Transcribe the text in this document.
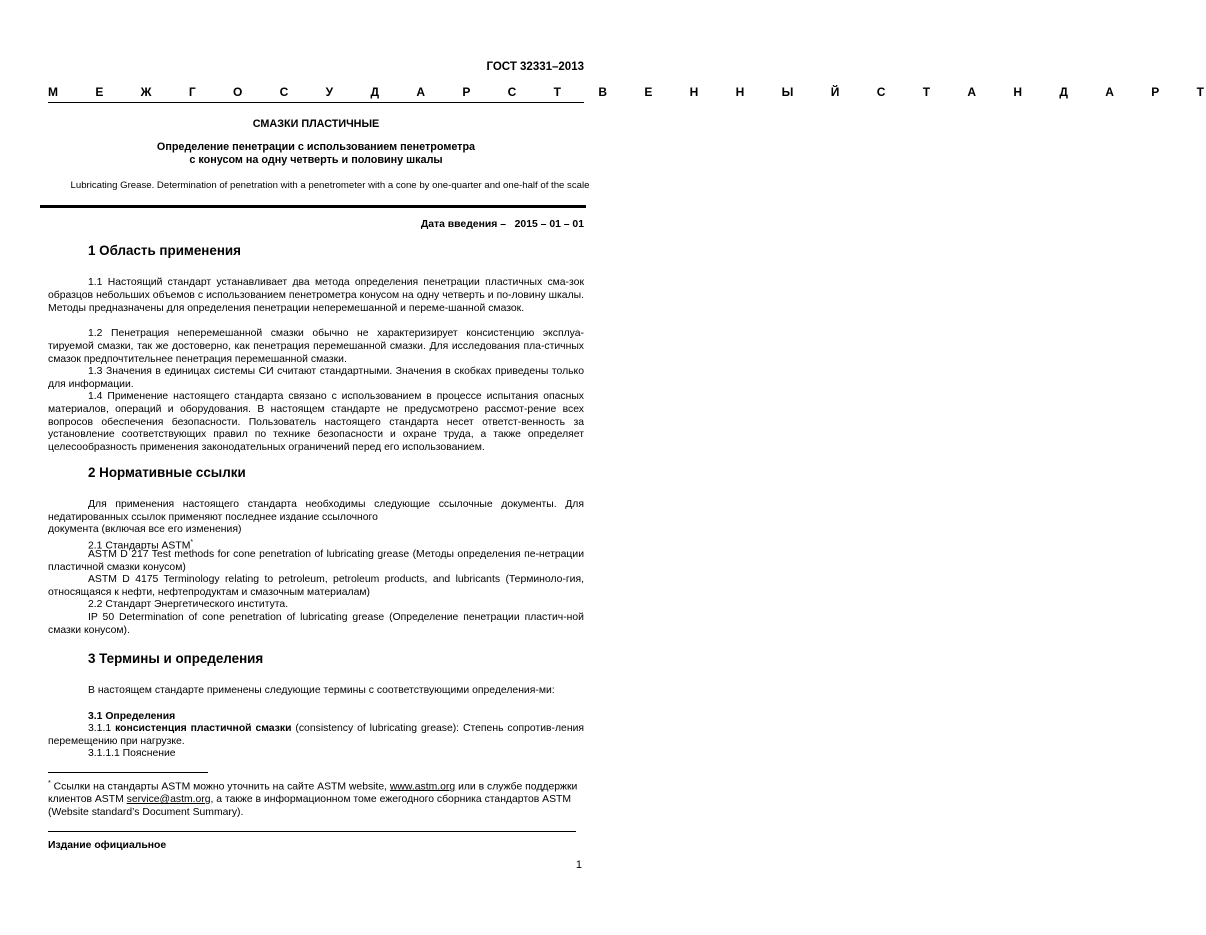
ГОСТ 32331–2013
М Е Ж Г О С У Д А Р С Т В Е Н Н Ы Й С Т А Н Д А Р Т
СМАЗКИ ПЛАСТИЧНЫЕ
Определение пенетрации с использованием пенетрометра
с конусом на одну четверть и половину шкалы
Lubricating Grease. Determination of penetration with a penetrometer with a cone by one-quarter and one-half of the scale
Дата введения – 2015 – 01 – 01
1 Область применения

1.1 Настоящий стандарт устанавливает два метода определения пенетрации пластичных сма-зок образцов небольших объемов с использованием пенетрометра конусом на одну четверть и по-ловину шкалы. Методы предназначены для определения пенетрации неперемешанной и переме-шанной смазок.

1.2 Пенетрация неперемешанной смазки обычно не характеризирует консистенцию эксплуа-тируемой смазки, так же достоверно, как пенетрация перемешанной смазки. Для исследования пла-стичных смазок предпочтительнее пенетрация перемешанной смазки.

1.3 Значения в единицах системы СИ считают стандартными. Значения в скобках приведены только для информации.

1.4 Применение настоящего стандарта связано с использованием в процессе испытания опасных материалов, операций и оборудования. В настоящем стандарте не предусмотрено рассмот-рение всех вопросов обеспечения безопасности. Пользователь настоящего стандарта несет ответст-венность за установление соответствующих правил по технике безопасности и охране труда, а также определяет целесообразность применения законодательных ограничений перед его использованием.

2 Нормативные ссылки

Для применения настоящего стандарта необходимы следующие ссылочные документы. Для недатированных ссылок применяют последнее издание ссылочного

документа (включая все его изменения)

2.1 Стандарты ASTM*

ASTM D 217 Test methods for cone penetration of lubricating grease (Методы определения пе-нетрации пластичной смазки конусом)

ASTM D 4175 Terminology relating to petroleum, petroleum products, and lubricants (Терминоло-гия, относящаяся к нефти, нефтепродуктам и смазочным материалам)

2.2 Стандарт Энергетического института.

IP 50 Determination of cone penetration of lubricating grease (Определение пенетрации пластич-ной смазки конусом).

3 Термины и определения

В настоящем стандарте применены следующие термины с соответствующими определения-ми:

3.1 Определения

3.1.1 консистенция пластичной смазки (consistency of lubricating grease): Степень сопротив-ления перемещению при нагрузке.

3.1.1.1 Пояснение

* Ссылки на стандарты ASTM можно уточнить на сайте ASTM website, www.astm.org или в службе поддержки клиентов ASTM service@astm.org, а также в информационном томе ежегодного сборника стандартов ASTM (Website standard’s Document Summary).

Издание официальное
1
